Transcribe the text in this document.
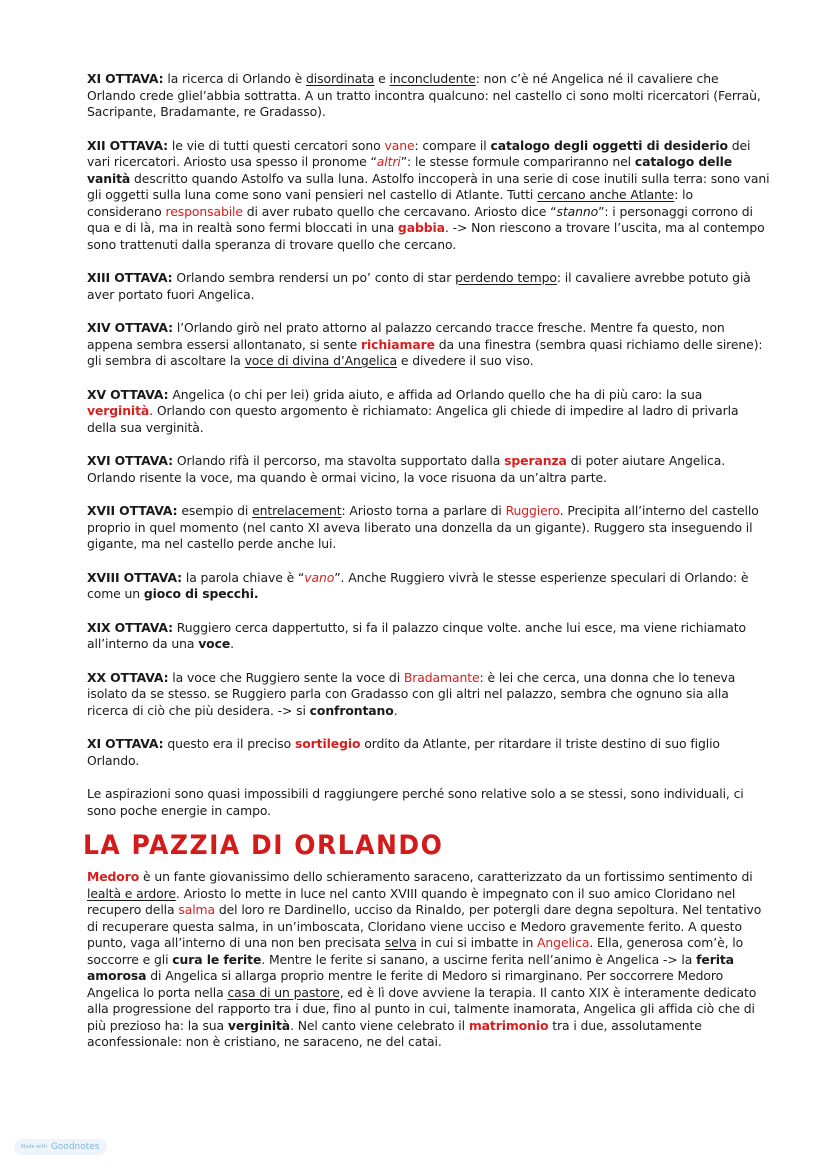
XI OTTAVA: la ricerca di Orlando è disordinata e inconcludente: non c’è né Angelica né il cavaliere che Orlando crede glielʼabbia sottratta. A un tratto incontra qualcuno: nel castello ci sono molti ricercatori (Ferraù, Sacripante, Bradamante, re Gradasso).

XII OTTAVA: le vie di tutti questi cercatori sono vane: compare il catalogo degli oggetti di desiderio dei vari ricercatori. Ariosto usa spesso il pronome “altri”: le stesse formule compariranno nel catalogo delle vanità descritto quando Astolfo va sulla luna. Astolfo inccoperà in una serie di cose inutili sulla terra: sono vani gli oggetti sulla luna come sono vani pensieri nel castello di Atlante. Tutti cercano anche Atlante: lo considerano responsabile di aver rubato quello che cercavano. Ariosto dice “stanno”: i personaggi corrono di qua e di là, ma in realtà sono fermi bloccati in una gabbia. -> Non riescono a trovare l’uscita, ma al contempo sono trattenuti dalla speranza di trovare quello che cercano.

XIII OTTAVA: Orlando sembra rendersi un po’ conto di star perdendo tempo: il cavaliere avrebbe potuto già aver portato fuori Angelica.

XIV OTTAVA: l’Orlando girò nel prato attorno al palazzo cercando tracce fresche. Mentre fa questo, non appena sembra essersi allontanato, si sente richiamare da una finestra (sembra quasi richiamo delle sirene): gli sembra di ascoltare la voce di divina d’Angelica e divedere il suo viso.

XV OTTAVA: Angelica (o chi per lei) grida aiuto, e affida ad Orlando quello che ha di più caro: la sua verginità. Orlando con questo argomento è richiamato: Angelica gli chiede di impedire al ladro di privarla della sua verginità.

XVI OTTAVA: Orlando rifà il percorso, ma stavolta supportato dalla speranza di poter aiutare Angelica. Orlando risente la voce, ma quando è ormai vicino, la voce risuona da un’altra parte.

XVII OTTAVA: esempio di entrelacement: Ariosto torna a parlare di Ruggiero. Precipita all’interno del castello proprio in quel momento (nel canto XI aveva liberato una donzella da un gigante). Ruggero sta inseguendo il gigante, ma nel castello perde anche lui.

XVIII OTTAVA: la parola chiave è “vano”. Anche Ruggiero vivrà le stesse esperienze speculari di Orlando: è come un gioco di specchi.

XIX OTTAVA: Ruggiero cerca dappertutto, si fa il palazzo cinque volte. anche lui esce, ma viene richiamato all’interno da una voce.

XX OTTAVA: la voce che Ruggiero sente la voce di Bradamante: è lei che cerca, una donna che lo teneva isolato da se stesso. se Ruggiero parla con Gradasso con gli altri nel palazzo, sembra che ognuno sia alla ricerca di ciò che più desidera. -> si confrontano.

XI OTTAVA: questo era il preciso sortilegio ordito da Atlante, per ritardare il triste destino di suo figlio Orlando.

Le aspirazioni sono quasi impossibili d raggiungere perché sono relative solo a se stessi, sono individuali, ci sono poche energie in campo.

LA PAZZIA DI ORLANDO

Medoro è un fante giovanissimo dello schieramento saraceno, caratterizzato da un fortissimo sentimento di lealtà e ardore. Ariosto lo mette in luce nel canto XVIII quando è impegnato con il suo amico Cloridano nel recupero della salma del loro re Dardinello, ucciso da Rinaldo, per potergli dare degna sepoltura. Nel tentativo di recuperare questa salma, in un’imboscata, Cloridano viene ucciso e Medoro gravemente ferito. A questo punto, vaga all’interno di una non ben precisata selva in cui si imbatte in Angelica. Ella, generosa com’è, lo soccorre e gli cura le ferite. Mentre le ferite si sanano, a uscirne ferita nell’animo è Angelica -> la ferita amorosa di Angelica si allarga proprio mentre le ferite di Medoro si rimarginano. Per soccorrere Medoro Angelica lo porta nella casa di un pastore, ed è lì dove avviene la terapia. Il canto XIX è interamente dedicato alla progressione del rapporto tra i due, fino al punto in cui, talmente inamorata, Angelica gli affida ciò che di più prezioso ha: la sua verginità. Nel canto viene celebrato il matrimonio tra i due, assolutamente aconfessionale: non è cristiano, ne saraceno, ne del catai.

Made with Goodnotes
